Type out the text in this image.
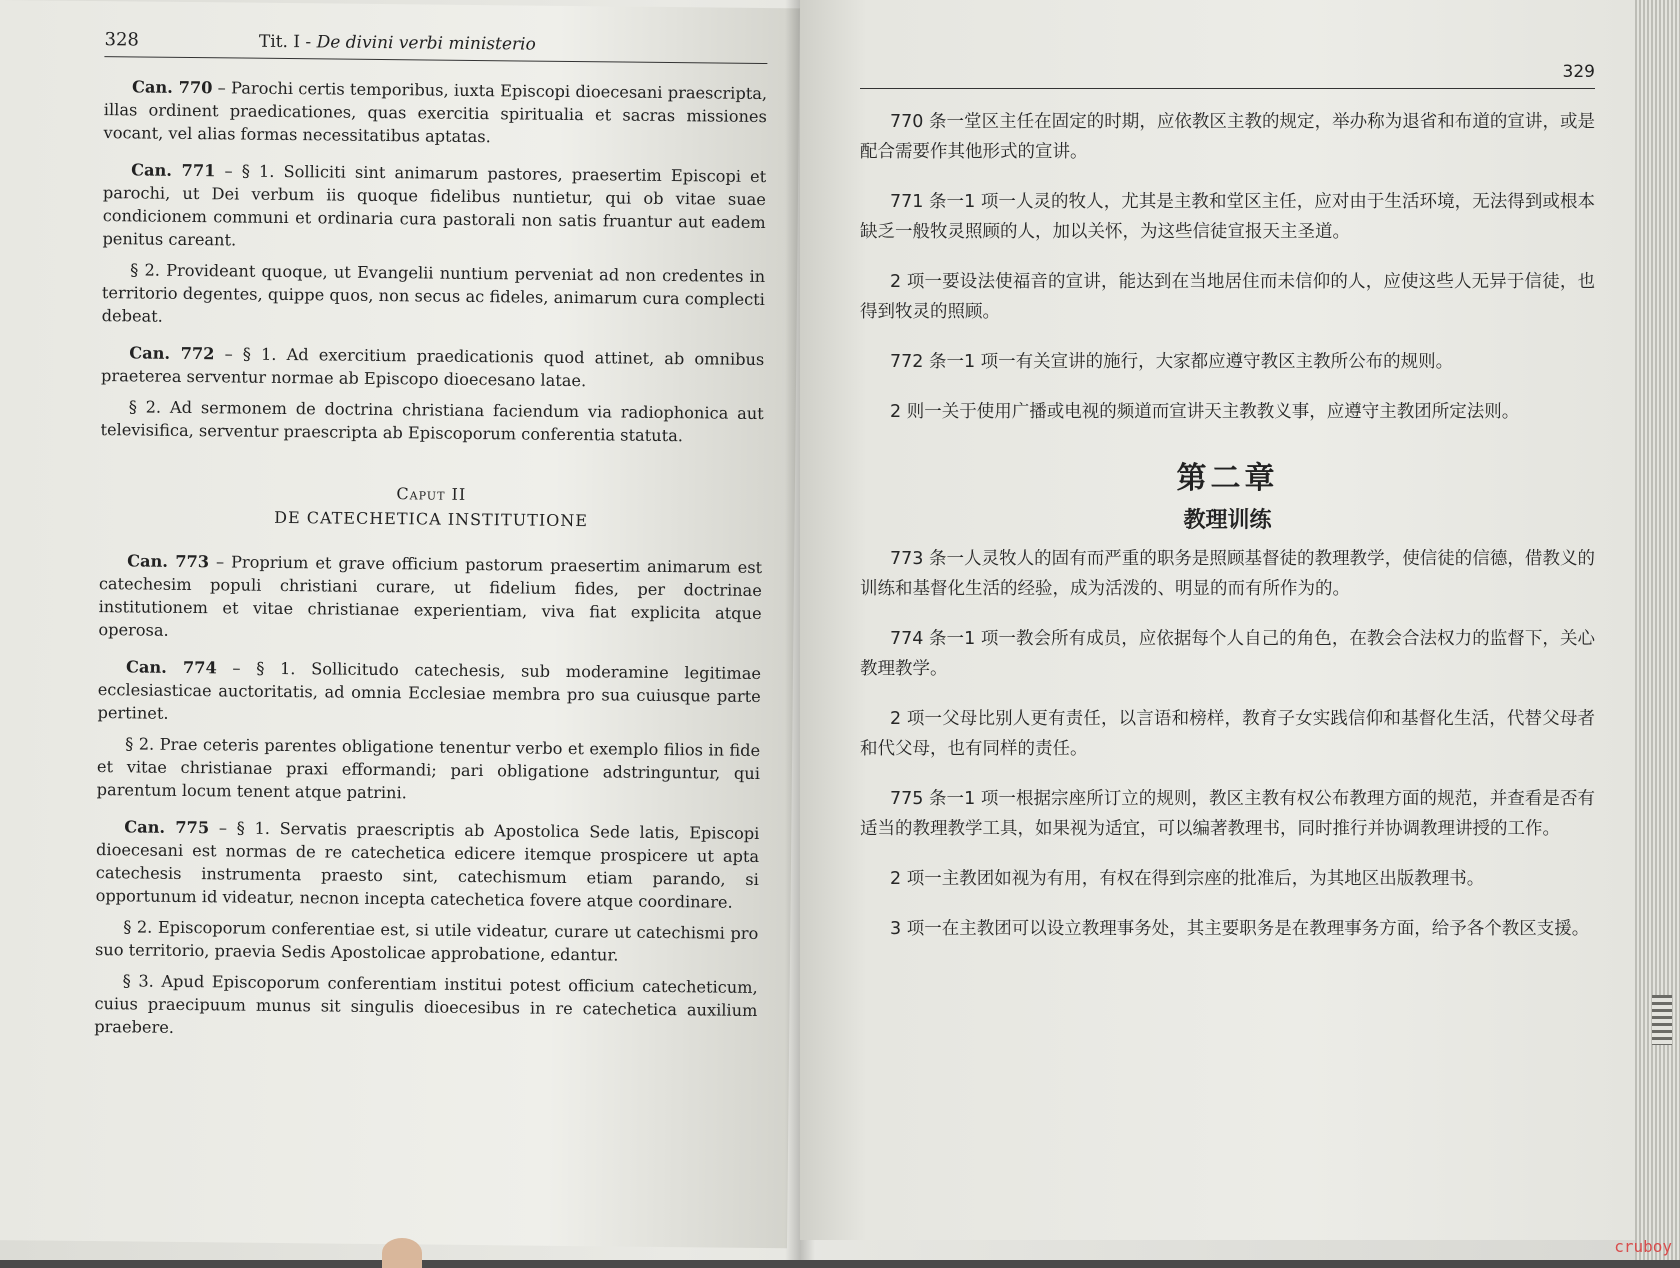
328	Tit. I - De divini verbi ministerio

Can. 770 – Parochi certis temporibus, iuxta Episcopi dioecesani praescripta, illas ordinent praedicationes, quas exercitia spiritualia et sacras missiones vocant, vel alias formas necessitatibus aptatas.

Can. 771 – § 1. Solliciti sint animarum pastores, praesertim Episcopi et parochi, ut Dei verbum iis quoque fidelibus nuntietur, qui ob vitae suae condicionem communi et ordinaria cura pastorali non satis fruantur aut eadem penitus careant.

§ 2. Provideant quoque, ut Evangelii nuntium perveniat ad non credentes in territorio degentes, quippe quos, non secus ac fideles, animarum cura complecti debeat.

Can. 772 – § 1. Ad exercitium praedicationis quod attinet, ab omnibus praeterea serventur normae ab Episcopo dioecesano latae.

§ 2. Ad sermonem de doctrina christiana faciendum via radiophonica aut televisifica, serventur praescripta ab Episcoporum conferentia statuta.

Caput II
DE CATECHETICA INSTITUTIONE

Can. 773 – Proprium et grave officium pastorum praesertim animarum est catechesim populi christiani curare, ut fidelium fides, per doctrinae institutionem et vitae christianae experientiam, viva fiat explicita atque operosa.

Can. 774 – § 1. Sollicitudo catechesis, sub moderamine legitimae ecclesiasticae auctoritatis, ad omnia Ecclesiae membra pro sua cuiusque parte pertinet.

§ 2. Prae ceteris parentes obligatione tenentur verbo et exemplo filios in fide et vitae christianae praxi efformandi; pari obligatione adstringuntur, qui parentum locum tenent atque patrini.

Can. 775 – § 1. Servatis praescriptis ab Apostolica Sede latis, Episcopi dioecesani est normas de re catechetica edicere itemque prospicere ut apta catechesis instrumenta praesto sint, catechismum etiam parando, si opportunum id videatur, necnon incepta catechetica fovere atque coordinare.

§ 2. Episcoporum conferentiae est, si utile videatur, curare ut catechismi pro suo territorio, praevia Sedis Apostolicae approbatione, edantur.

§ 3. Apud Episcoporum conferentiam institui potest officium catecheticum, cuius praecipuum munus sit singulis dioecesibus in re catechetica auxilium praebere.

329

770 条一堂区主任在固定的时期，应依教区主教的规定，举办称为退省和布道的宣讲，或是配合需要作其他形式的宣讲。

771 条一1 项一人灵的牧人，尤其是主教和堂区主任，应对由于生活环境，无法得到或根本缺乏一般牧灵照顾的人，加以关怀，为这些信徒宣报天主圣道。

2 项一要设法使福音的宣讲，能达到在当地居住而未信仰的人，应使这些人无异于信徒，也得到牧灵的照顾。

772 条一1 项一有关宣讲的施行，大家都应遵守教区主教所公布的规则。

2 则一关于使用广播或电视的频道而宣讲天主教教义事，应遵守主教团所定法则。

第二章
教理训练

773 条一人灵牧人的固有而严重的职务是照顾基督徒的教理教学，使信徒的信德，借教义的训练和基督化生活的经验，成为活泼的、明显的而有所作为的。

774 条一1 项一教会所有成员，应依据每个人自己的角色，在教会合法权力的监督下，关心教理教学。

2 项一父母比别人更有责任，以言语和榜样，教育子女实践信仰和基督化生活，代替父母者和代父母，也有同样的责任。

775 条一1 项一根据宗座所订立的规则，教区主教有权公布教理方面的规范，并查看是否有适当的教理教学工具，如果视为适宜，可以编著教理书，同时推行并协调教理讲授的工作。

2 项一主教团如视为有用，有权在得到宗座的批准后，为其地区出版教理书。

3 项一在主教团可以设立教理事务处，其主要职务是在教理事务方面，给予各个教区支援。

cruboy
